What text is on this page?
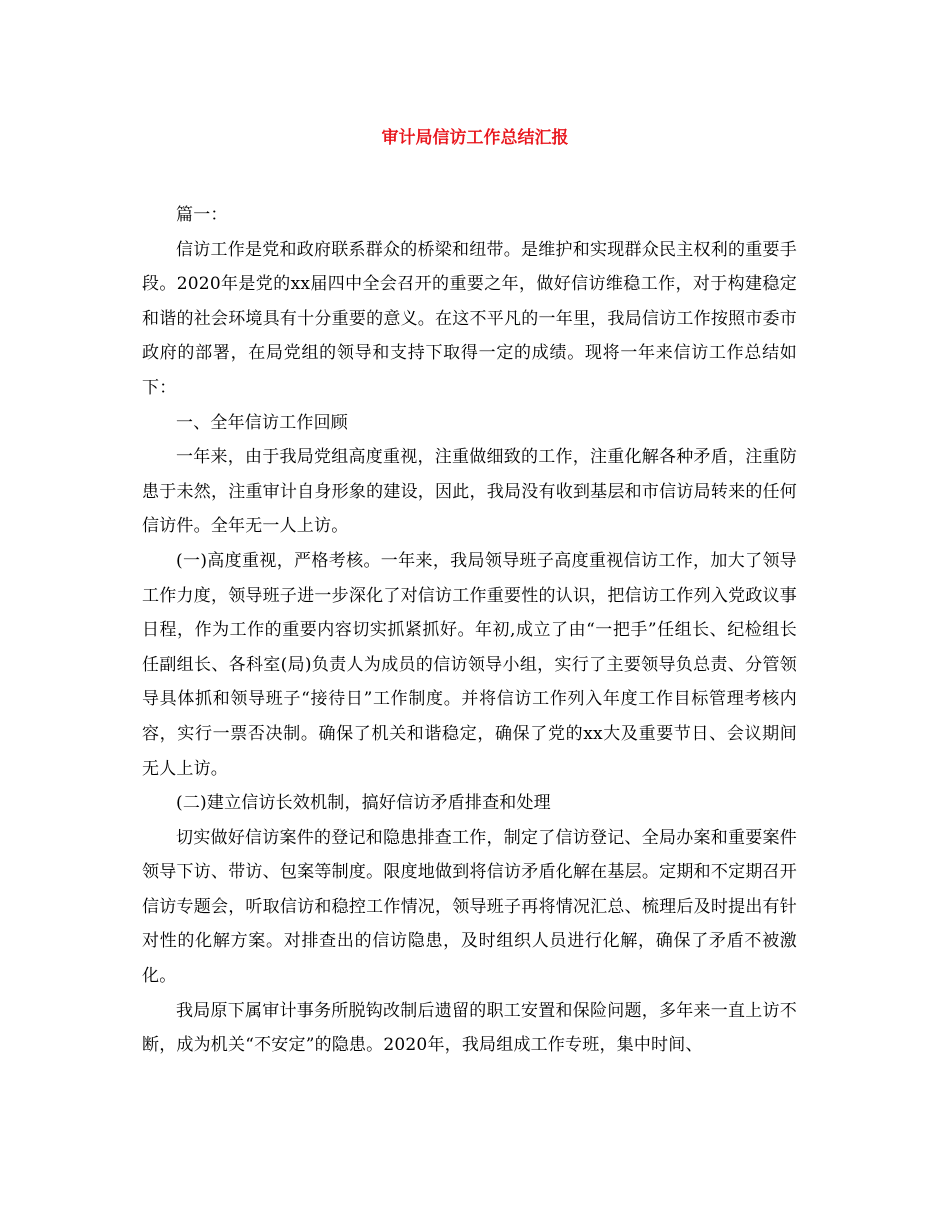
审计局信访工作总结汇报

篇一：

信访工作是党和政府联系群众的桥梁和纽带。是维护和实现群众民主权利的重要手段。2020年是党的xx届四中全会召开的重要之年，做好信访维稳工作，对于构建稳定和谐的社会环境具有十分重要的意义。在这不平凡的一年里，我局信访工作按照市委市政府的部署，在局党组的领导和支持下取得一定的成绩。现将一年来信访工作总结如下：

一、全年信访工作回顾

一年来，由于我局党组高度重视，注重做细致的工作，注重化解各种矛盾，注重防患于未然，注重审计自身形象的建设，因此，我局没有收到基层和市信访局转来的任何信访件。全年无一人上访。

(一)高度重视，严格考核。一年来，我局领导班子高度重视信访工作，加大了领导工作力度，领导班子进一步深化了对信访工作重要性的认识，把信访工作列入党政议事日程，作为工作的重要内容切实抓紧抓好。年初,成立了由“一把手”任组长、纪检组长任副组长、各科室(局)负责人为成员的信访领导小组，实行了主要领导负总责、分管领导具体抓和领导班子“接待日”工作制度。并将信访工作列入年度工作目标管理考核内容，实行一票否决制。确保了机关和谐稳定，确保了党的xx大及重要节日、会议期间无人上访。

(二)建立信访长效机制，搞好信访矛盾排查和处理

切实做好信访案件的登记和隐患排查工作，制定了信访登记、全局办案和重要案件领导下访、带访、包案等制度。限度地做到将信访矛盾化解在基层。定期和不定期召开信访专题会，听取信访和稳控工作情况，领导班子再将情况汇总、梳理后及时提出有针对性的化解方案。对排查出的信访隐患，及时组织人员进行化解，确保了矛盾不被激化。

我局原下属审计事务所脱钩改制后遗留的职工安置和保险问题，多年来一直上访不断，成为机关“不安定”的隐患。2020年，我局组成工作专班，集中时间、
